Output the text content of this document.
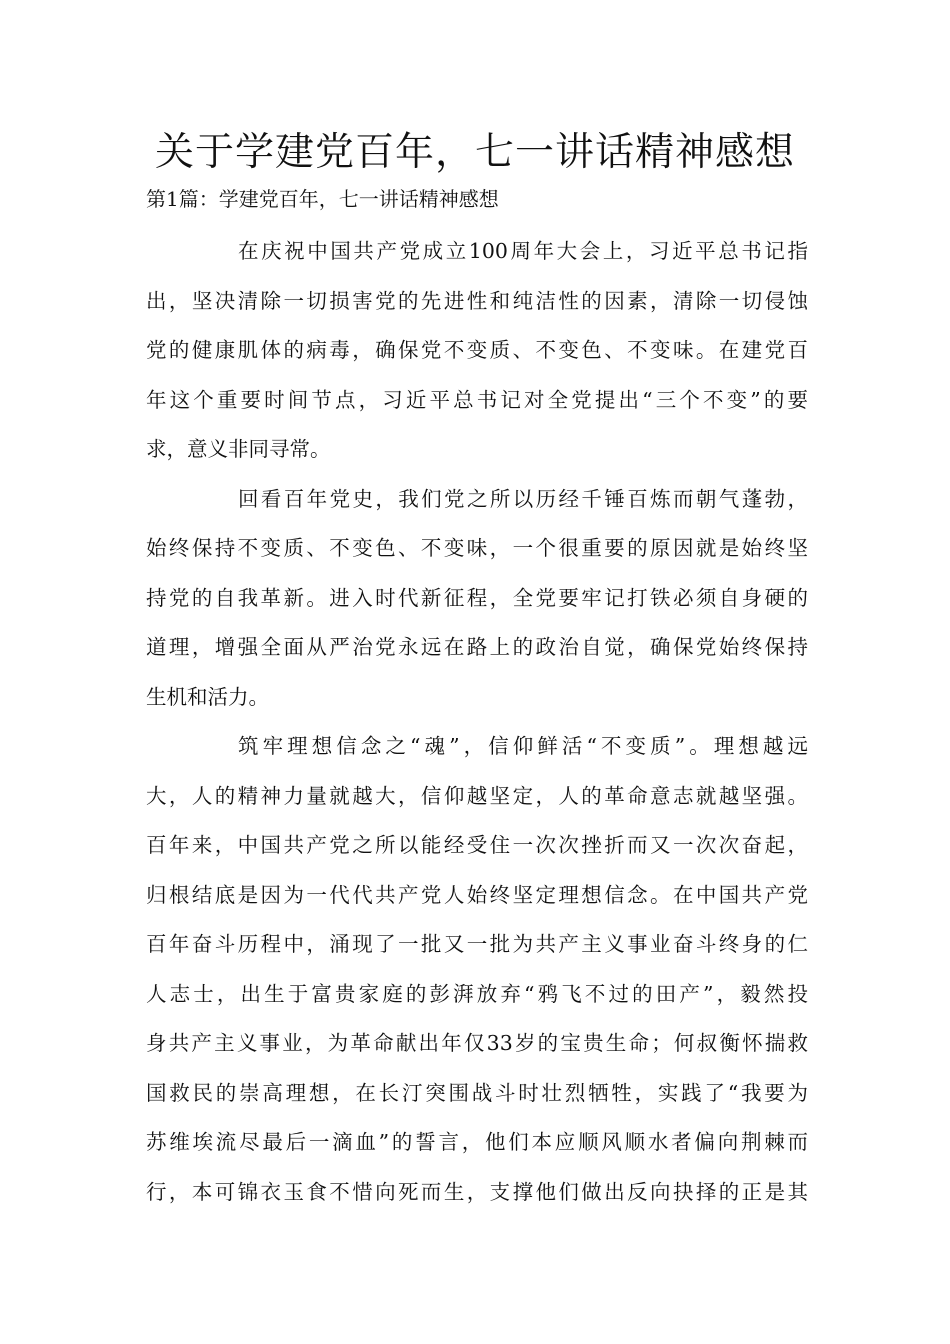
关于学建党百年，七一讲话精神感想

第1篇：学建党百年，七一讲话精神感想

在庆祝中国共产党成立100周年大会上，习近平总书记指

出，坚决清除一切损害党的先进性和纯洁性的因素，清除一切侵蚀

党的健康肌体的病毒，确保党不变质、不变色、不变味。在建党百

年这个重要时间节点，习近平总书记对全党提出“三个不变”的要

求，意义非同寻常。

回看百年党史，我们党之所以历经千锤百炼而朝气蓬勃，

始终保持不变质、不变色、不变味，一个很重要的原因就是始终坚

持党的自我革新。进入时代新征程，全党要牢记打铁必须自身硬的

道理，增强全面从严治党永远在路上的政治自觉，确保党始终保持

生机和活力。

筑牢理想信念之“魂”，信仰鲜活“不变质”。理想越远

大，人的精神力量就越大，信仰越坚定，人的革命意志就越坚强。

百年来，中国共产党之所以能经受住一次次挫折而又一次次奋起，

归根结底是因为一代代共产党人始终坚定理想信念。在中国共产党

百年奋斗历程中，涌现了一批又一批为共产主义事业奋斗终身的仁

人志士，出生于富贵家庭的彭湃放弃“鸦飞不过的田产”，毅然投

身共产主义事业，为革命献出年仅33岁的宝贵生命；何叔衡怀揣救

国救民的崇高理想，在长汀突围战斗时壮烈牺牲，实践了“我要为

苏维埃流尽最后一滴血”的誓言，他们本应顺风顺水者偏向荆棘而

行，本可锦衣玉食不惜向死而生，支撑他们做出反向抉择的正是其
